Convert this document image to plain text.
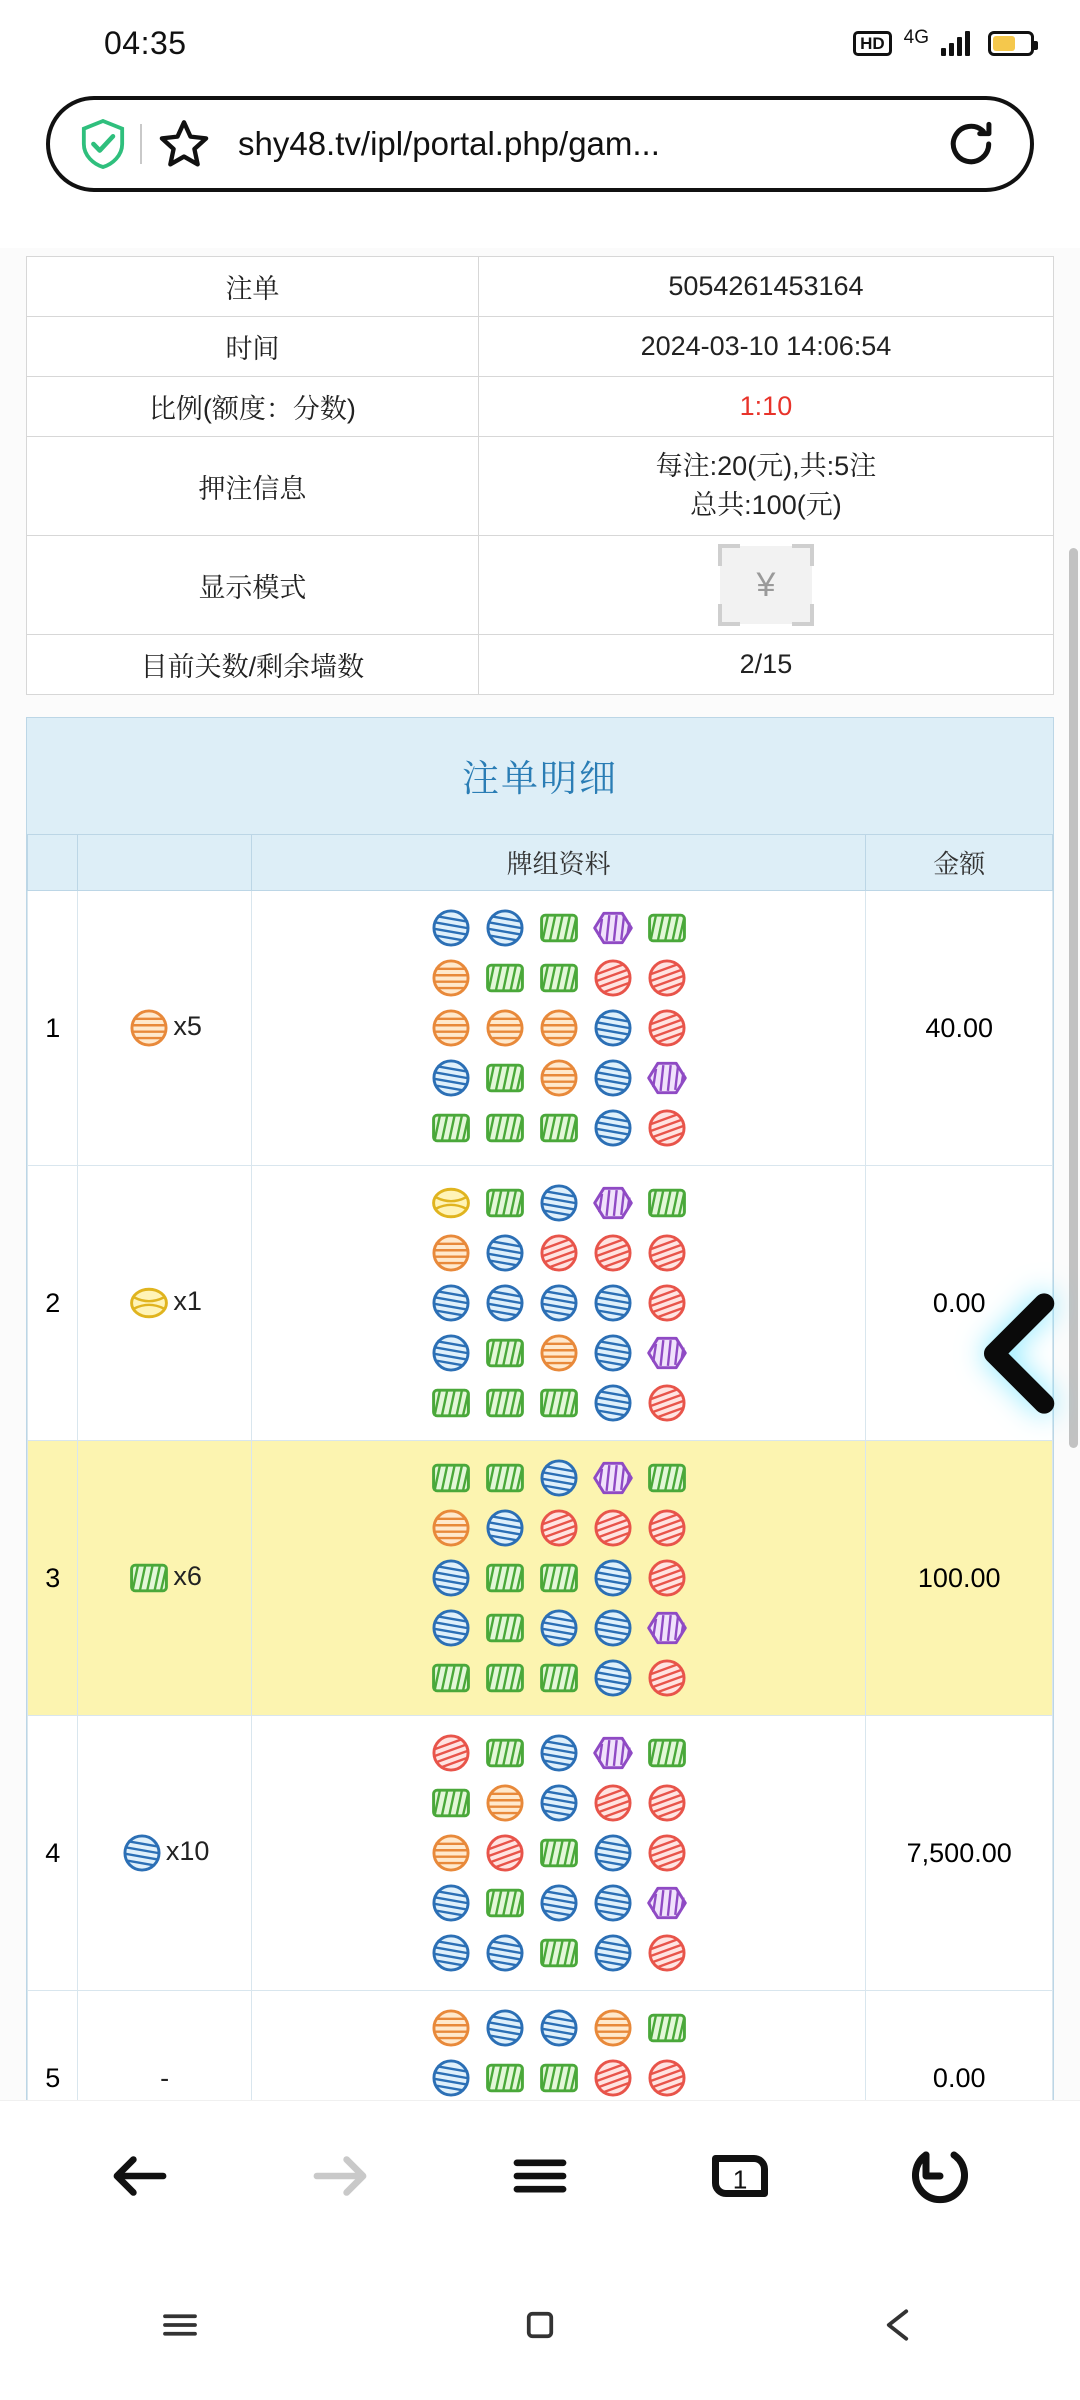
04:35	HD	4G
shy48.tv/ipl/portal.php/gam...
注单	5054261453164
时间	2024-03-10 14:06:54
比例(额度：分数)	1:10
押注信息	每注:20(元),共:5注
总共:100(元)

显示模式	¥

目前关数/剩余墙数	2/15
注单明细
		牌组资料	金额
1	x5		40.00
2	x1		0.00
3	x6		100.00
4	x10		7,500.00
5	-		0.00
1
